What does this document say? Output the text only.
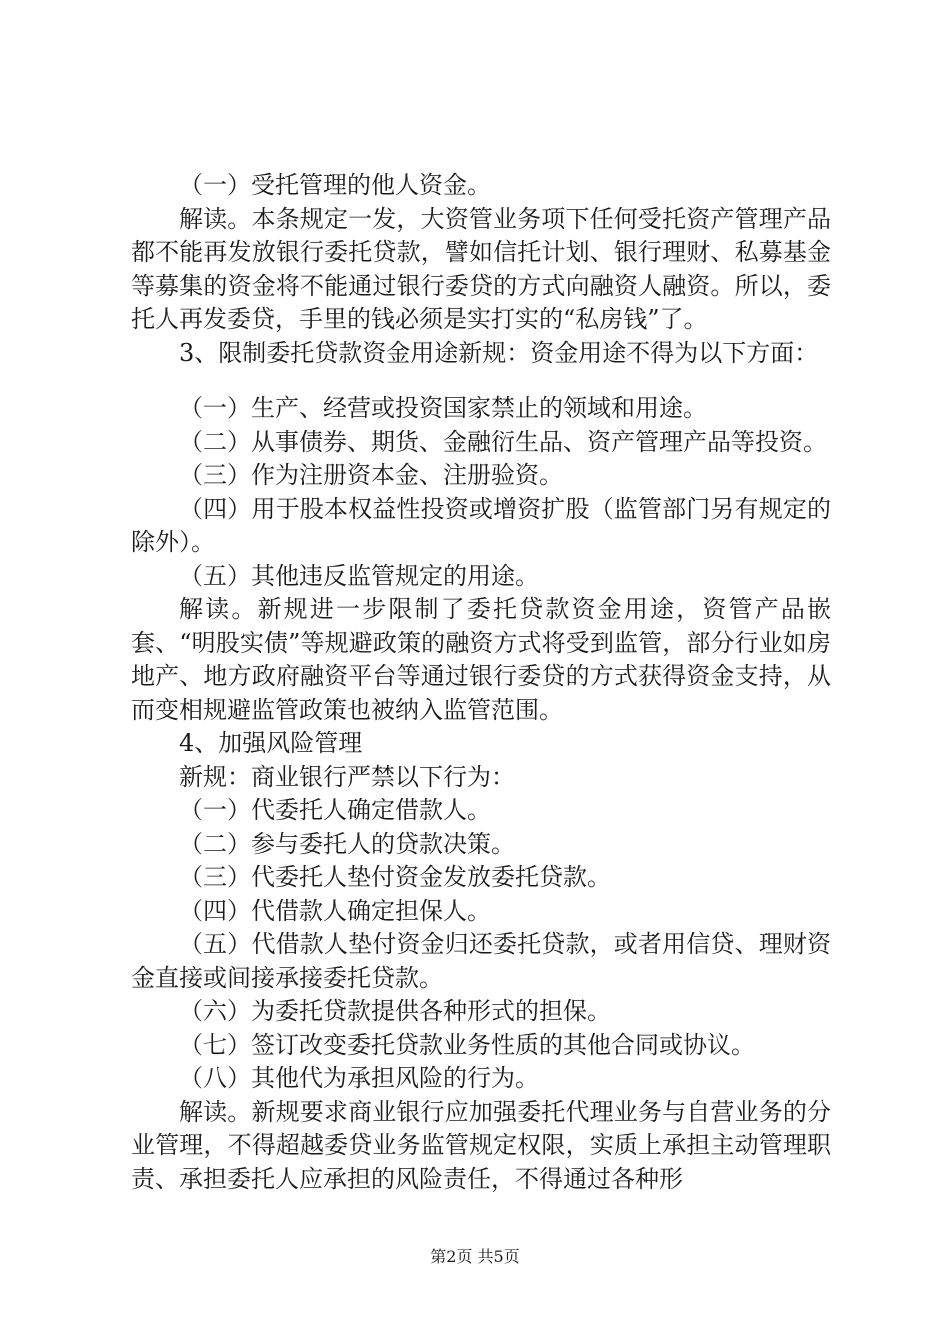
（一）受托管理的他人资金。

解读。本条规定一发，大资管业务项下任何受托资产管理产品都不能再发放银行委托贷款，譬如信托计划、银行理财、私募基金等募集的资金将不能通过银行委贷的方式向融资人融资。所以，委托人再发委贷，手里的钱必须是实打实的“私房钱”了。

3、限制委托贷款资金用途新规：资金用途不得为以下方面：

（一）生产、经营或投资国家禁止的领域和用途。

（二）从事债券、期货、金融衍生品、资产管理产品等投资。

（三）作为注册资本金、注册验资。

（四）用于股本权益性投资或增资扩股（监管部门另有规定的除外）。

（五）其他违反监管规定的用途。

解读。新规进一步限制了委托贷款资金用途，资管产品嵌套、“明股实债”等规避政策的融资方式将受到监管，部分行业如房地产、地方政府融资平台等通过银行委贷的方式获得资金支持，从而变相规避监管政策也被纳入监管范围。

4、加强风险管理

新规：商业银行严禁以下行为：

（一）代委托人确定借款人。

（二）参与委托人的贷款决策。

（三）代委托人垫付资金发放委托贷款。

（四）代借款人确定担保人。

（五）代借款人垫付资金归还委托贷款，或者用信贷、理财资金直接或间接承接委托贷款。

（六）为委托贷款提供各种形式的担保。

（七）签订改变委托贷款业务性质的其他合同或协议。

（八）其他代为承担风险的行为。

解读。新规要求商业银行应加强委托代理业务与自营业务的分业管理，不得超越委贷业务监管规定权限，实质上承担主动管理职责、承担委托人应承担的风险责任，不得通过各种形

第2页 共5页
